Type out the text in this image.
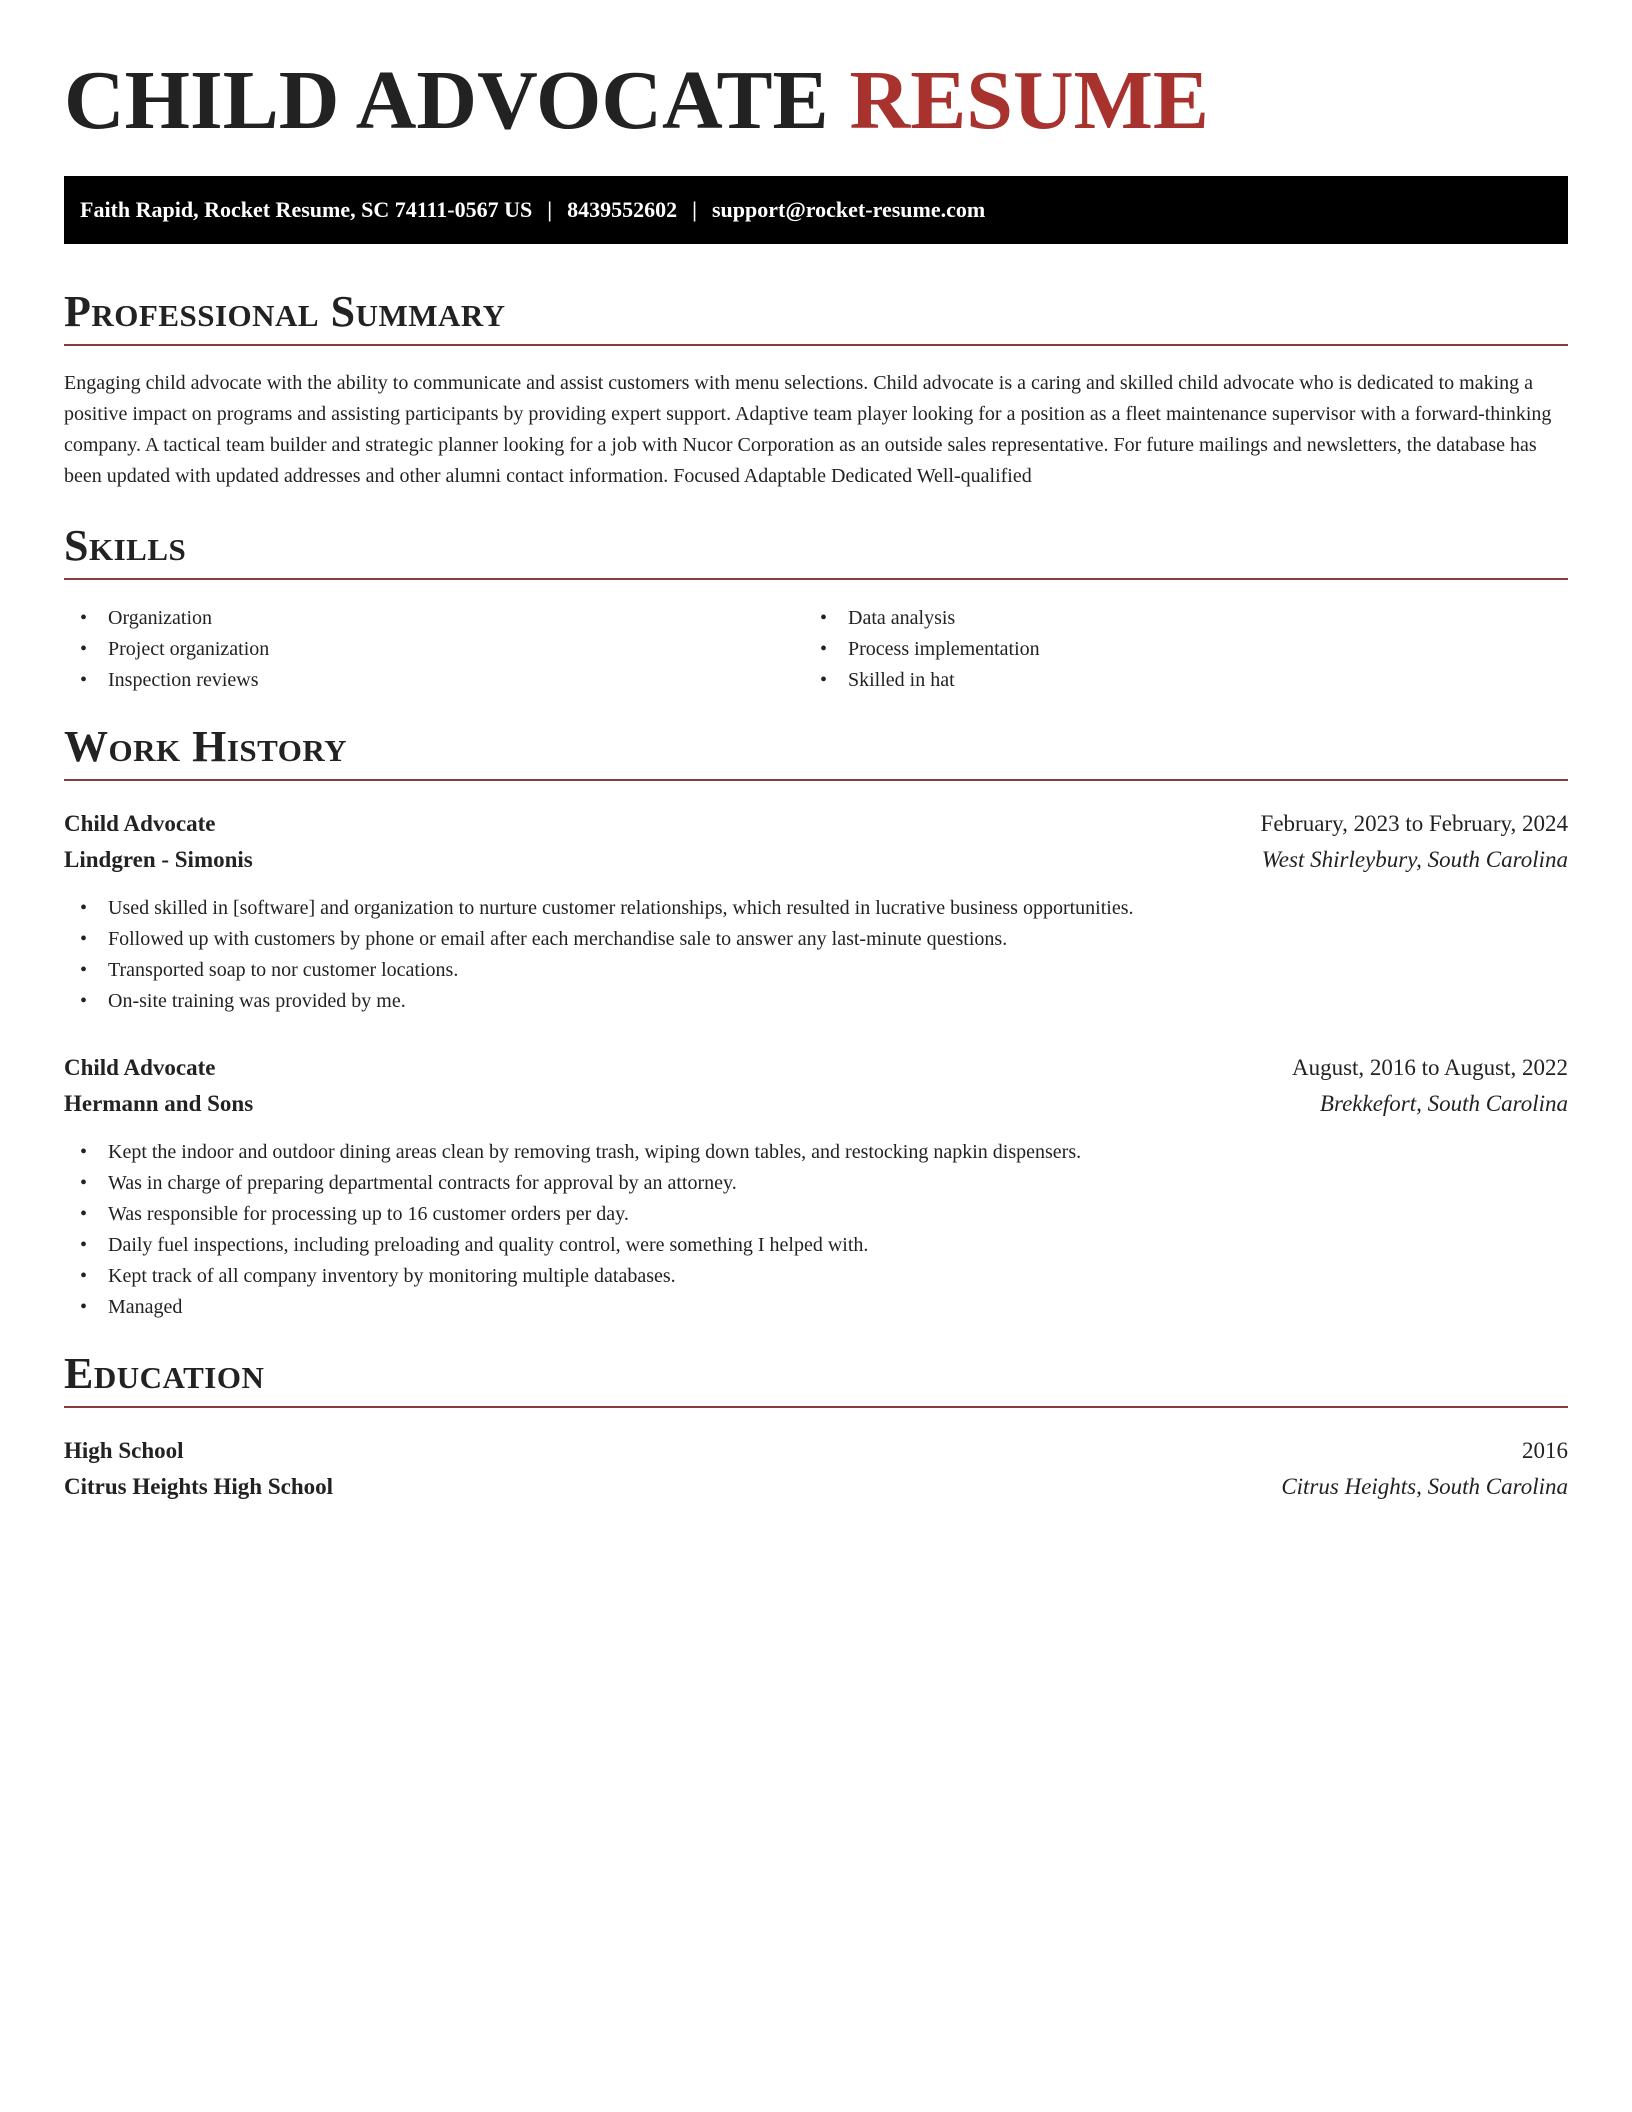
CHILD ADVOCATE RESUME
Faith Rapid, Rocket Resume, SC 74111-0567 US | 8439552602 | support@rocket-resume.com
Professional Summary

Engaging child advocate with the ability to communicate and assist customers with menu selections. Child advocate is a caring and skilled child advocate who is dedicated to making a positive impact on programs and assisting participants by providing expert support. Adaptive team player looking for a position as a fleet maintenance supervisor with a forward-thinking company. A tactical team builder and strategic planner looking for a job with Nucor Corporation as an outside sales representative. For future mailings and newsletters, the database has been updated with updated addresses and other alumni contact information. Focused Adaptable Dedicated Well-qualified

Skills
• Organization
• Project organization
• Inspection reviews
• Data analysis
• Process implementation
• Skilled in hat
Work History
Child Advocate	February, 2023 to February, 2024
Lindgren - Simonis	West Shirleybury, South Carolina
• Used skilled in [software] and organization to nurture customer relationships, which resulted in lucrative business opportunities.
• Followed up with customers by phone or email after each merchandise sale to answer any last-minute questions.
• Transported soap to nor customer locations.
• On-site training was provided by me.
Child Advocate	August, 2016 to August, 2022
Hermann and Sons	Brekkefort, South Carolina
• Kept the indoor and outdoor dining areas clean by removing trash, wiping down tables, and restocking napkin dispensers.
• Was in charge of preparing departmental contracts for approval by an attorney.
• Was responsible for processing up to 16 customer orders per day.
• Daily fuel inspections, including preloading and quality control, were something I helped with.
• Kept track of all company inventory by monitoring multiple databases.
• Managed
Education
High School	2016
Citrus Heights High School	Citrus Heights, South Carolina
